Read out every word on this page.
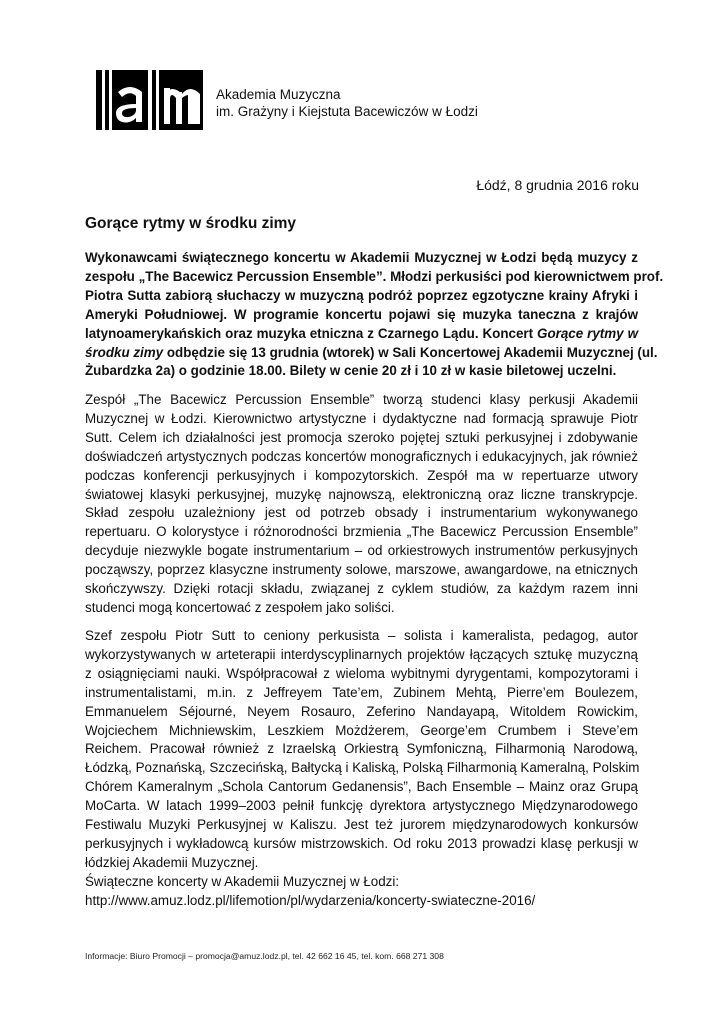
Akademia Muzyczna
im. Grażyny i Kiejstuta Bacewiczów w Łodzi
Łódź, 8 grudnia 2016 roku
Gorące rytmy w środku zimy

Wykonawcami świątecznego koncertu w Akademii Muzycznej w Łodzi będą muzycy z
zespołu „The Bacewicz Percussion Ensemble”. Młodzi perkusiści pod kierownictwem prof.
Piotra Sutta zabiorą słuchaczy w muzyczną podróż poprzez egzotyczne krainy Afryki i
Ameryki Południowej. W programie koncertu pojawi się muzyka taneczna z krajów
latynoamerykańskich oraz muzyka etniczna z Czarnego Lądu. Koncert Gorące rytmy w
środku zimy odbędzie się 13 grudnia (wtorek) w Sali Koncertowej Akademii Muzycznej (ul.
Żubardzka 2a) o godzinie 18.00. Bilety w cenie 20 zł i 10 zł w kasie biletowej uczelni.

Zespół „The Bacewicz Percussion Ensemble” tworzą studenci klasy perkusji Akademii
Muzycznej w Łodzi. Kierownictwo artystyczne i dydaktyczne nad formacją sprawuje Piotr
Sutt. Celem ich działalności jest promocja szeroko pojętej sztuki perkusyjnej i zdobywanie
doświadczeń artystycznych podczas koncertów monograficznych i edukacyjnych, jak również
podczas konferencji perkusyjnych i kompozytorskich. Zespół ma w repertuarze utwory
światowej klasyki perkusyjnej, muzykę najnowszą, elektroniczną oraz liczne transkrypcje.
Skład zespołu uzależniony jest od potrzeb obsady i instrumentarium wykonywanego
repertuaru. O kolorystyce i różnorodności brzmienia „The Bacewicz Percussion Ensemble”
decyduje niezwykle bogate instrumentarium – od orkiestrowych instrumentów perkusyjnych
począwszy, poprzez klasyczne instrumenty solowe, marszowe, awangardowe, na etnicznych
skończywszy. Dzięki rotacji składu, związanej z cyklem studiów, za każdym razem inni
studenci mogą koncertować z zespołem jako soliści.

Szef zespołu Piotr Sutt to ceniony perkusista – solista i kameralista, pedagog, autor
wykorzystywanych w arteterapii interdyscyplinarnych projektów łączących sztukę muzyczną
z osiągnięciami nauki. Współpracował z wieloma wybitnymi dyrygentami, kompozytorami i
instrumentalistami, m.in. z Jeffreyem Tate’em, Zubinem Mehtą, Pierre’em Boulezem,
Emmanuelem Séjourné, Neyem Rosauro, Zeferino Nandayapą, Witoldem Rowickim,
Wojciechem Michniewskim, Leszkiem Możdżerem, George’em Crumbem i Steve’em
Reichem. Pracował również z Izraelską Orkiestrą Symfoniczną, Filharmonią Narodową,
Łódzką, Poznańską, Szczecińską, Bałtycką i Kaliską, Polską Filharmonią Kameralną, Polskim
Chórem Kameralnym „Schola Cantorum Gedanensis”, Bach Ensemble – Mainz oraz Grupą
MoCarta. W latach 1999–2003 pełnił funkcję dyrektora artystycznego Międzynarodowego
Festiwalu Muzyki Perkusyjnej w Kaliszu. Jest też jurorem międzynarodowych konkursów
perkusyjnych i wykładowcą kursów mistrzowskich. Od roku 2013 prowadzi klasę perkusji w
łódzkiej Akademii Muzycznej.

Świąteczne koncerty w Akademii Muzycznej w Łodzi:
http://www.amuz.lodz.pl/lifemotion/pl/wydarzenia/koncerty-swiateczne-2016/

Informacje: Biuro Promocji – promocja@amuz.lodz.pl, tel. 42 662 16 45, tel. kom. 668 271 308
